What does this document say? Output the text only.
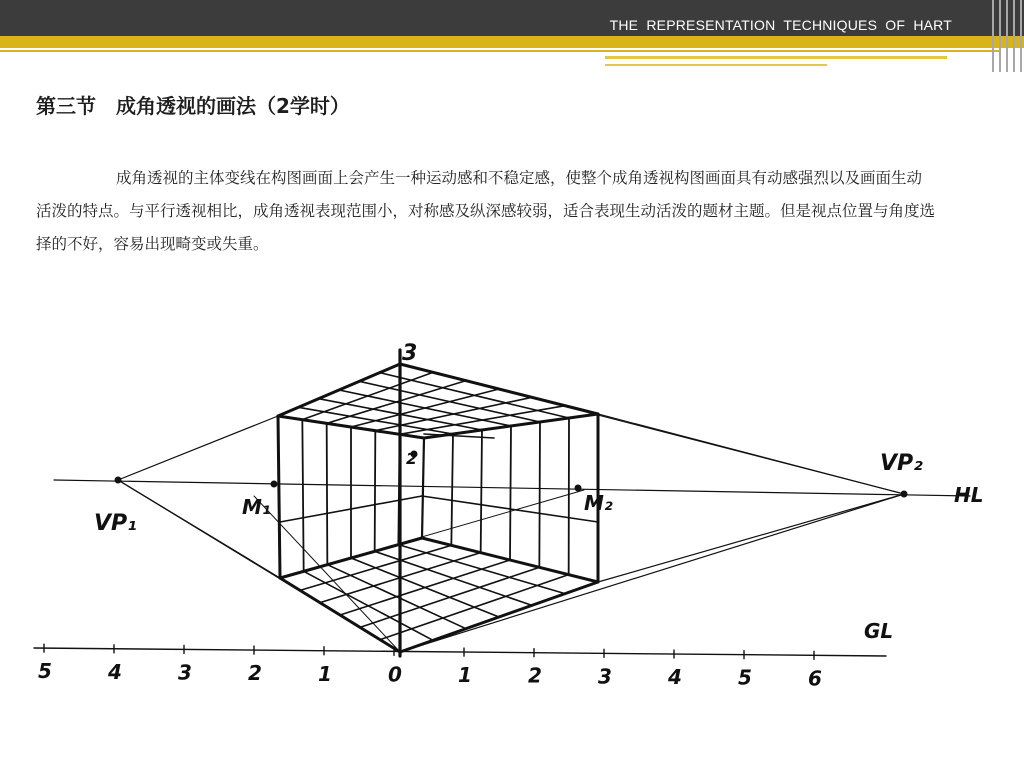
THE  REPRESENTATION  TECHNIQUES  OF  HART
第三节　成角透视的画法（2学时）

成角透视的主体变线在构图画面上会产生一种运动感和不稳定感，使整个成角透视构图画面具有动感强烈以及画面生动活泼的特点。与平行透视相比，成角透视表现范围小，对称感及纵深感较弱，适合表现生动活泼的题材主题。但是视点位置与角度选择的不好，容易出现畸变或失重。

VP₁
VP₂
M₁	M₂	HL
GL
3
2
5	4	3	2	1	0	1	2	3	4	5	6
